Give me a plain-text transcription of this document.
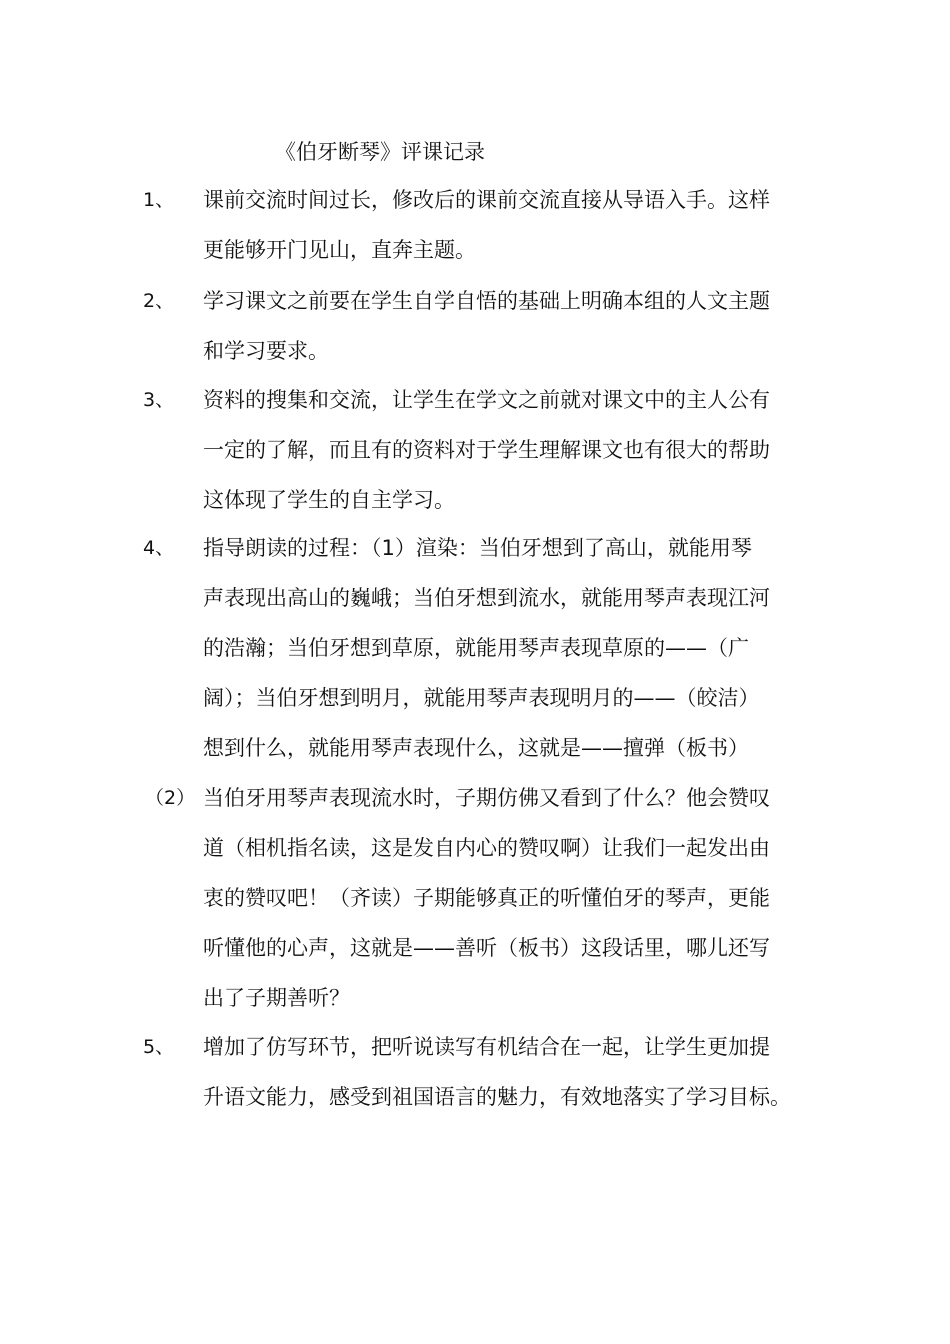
《伯牙断琴》评课记录
1、 课前交流时间过长，修改后的课前交流直接从导语入手。这样
更能够开门见山，直奔主题。
2、 学习课文之前要在学生自学自悟的基础上明确本组的人文主题
和学习要求。
3、 资料的搜集和交流，让学生在学文之前就对课文中的主人公有
一定的了解，而且有的资料对于学生理解课文也有很大的帮助
这体现了学生的自主学习。
4、 指导朗读的过程：（1）渲染：当伯牙想到了高山，就能用琴
声表现出高山的巍峨；当伯牙想到流水，就能用琴声表现江河
的浩瀚；当伯牙想到草原，就能用琴声表现草原的——（广
阔）；当伯牙想到明月，就能用琴声表现明月的——（皎洁）
想到什么，就能用琴声表现什么，这就是——擅弹（板书）
（2） 当伯牙用琴声表现流水时，子期仿佛又看到了什么？他会赞叹
道（相机指名读，这是发自内心的赞叹啊）让我们一起发出由
衷的赞叹吧！（齐读）子期能够真正的听懂伯牙的琴声，更能
听懂他的心声，这就是——善听（板书）这段话里，哪儿还写
出了子期善听？
5、 增加了仿写环节，把听说读写有机结合在一起，让学生更加提
升语文能力，感受到祖国语言的魅力，有效地落实了学习目标。
